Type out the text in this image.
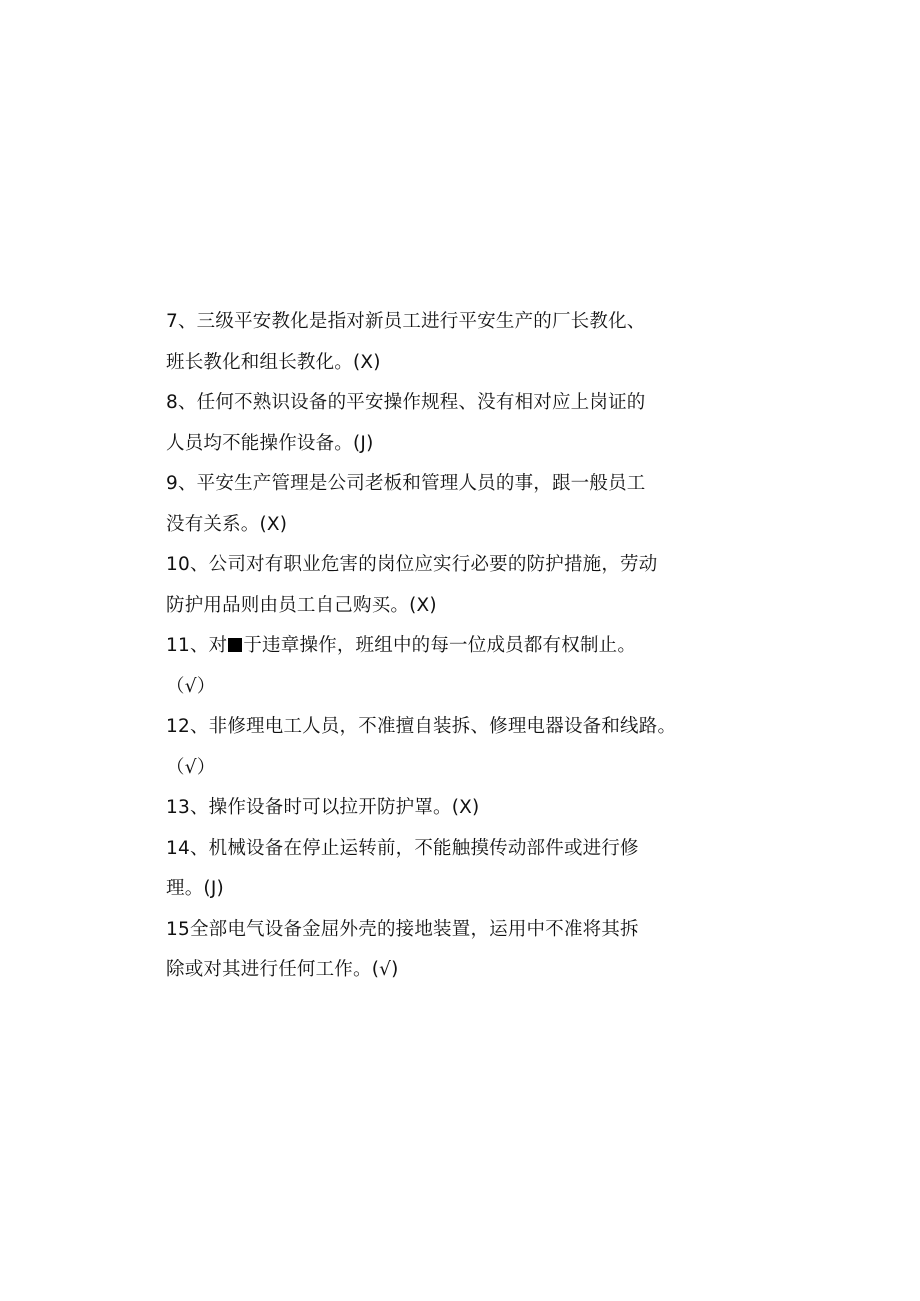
7、三级平安教化是指对新员工进行平安生产的厂长教化、
班长教化和组长教化。(X)
8、任何不熟识设备的平安操作规程、没有相对应上岗证的
人员均不能操作设备。(J)
9、平安生产管理是公司老板和管理人员的事，跟一般员工
没有关系。(X)
10、公司对有职业危害的岗位应实行必要的防护措施，劳动
防护用品则由员工自己购买。(X)
11、对 于违章操作，班组中的每一位成员都有权制止。
（√）
12、非修理电工人员，不准擅自装拆、修理电器设备和线路。
（√）
13、操作设备时可以拉开防护罩。(X)
14、机械设备在停止运转前，不能触摸传动部件或进行修
理。(J)
15全部电气设备金屈外壳的接地装置，运用中不准将其拆
除或对其进行任何工作。(√)
